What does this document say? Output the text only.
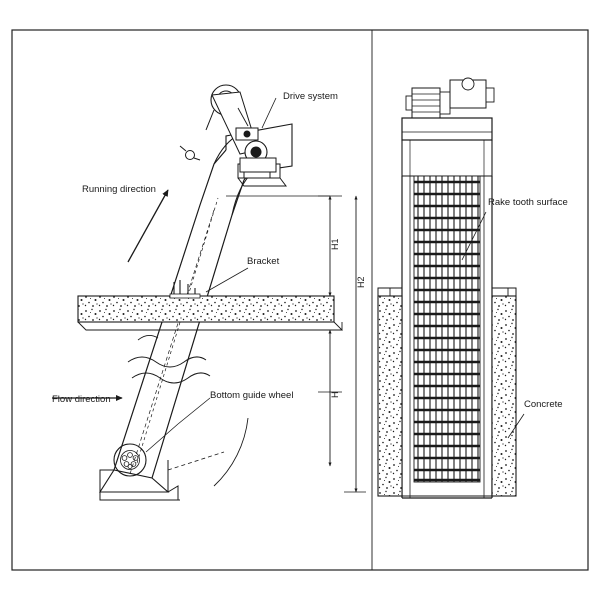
Drive system
Running direction
Bracket
Flow direction	Bottom guide wheel
Rake tooth surface
Concrete
H1
H2
H
